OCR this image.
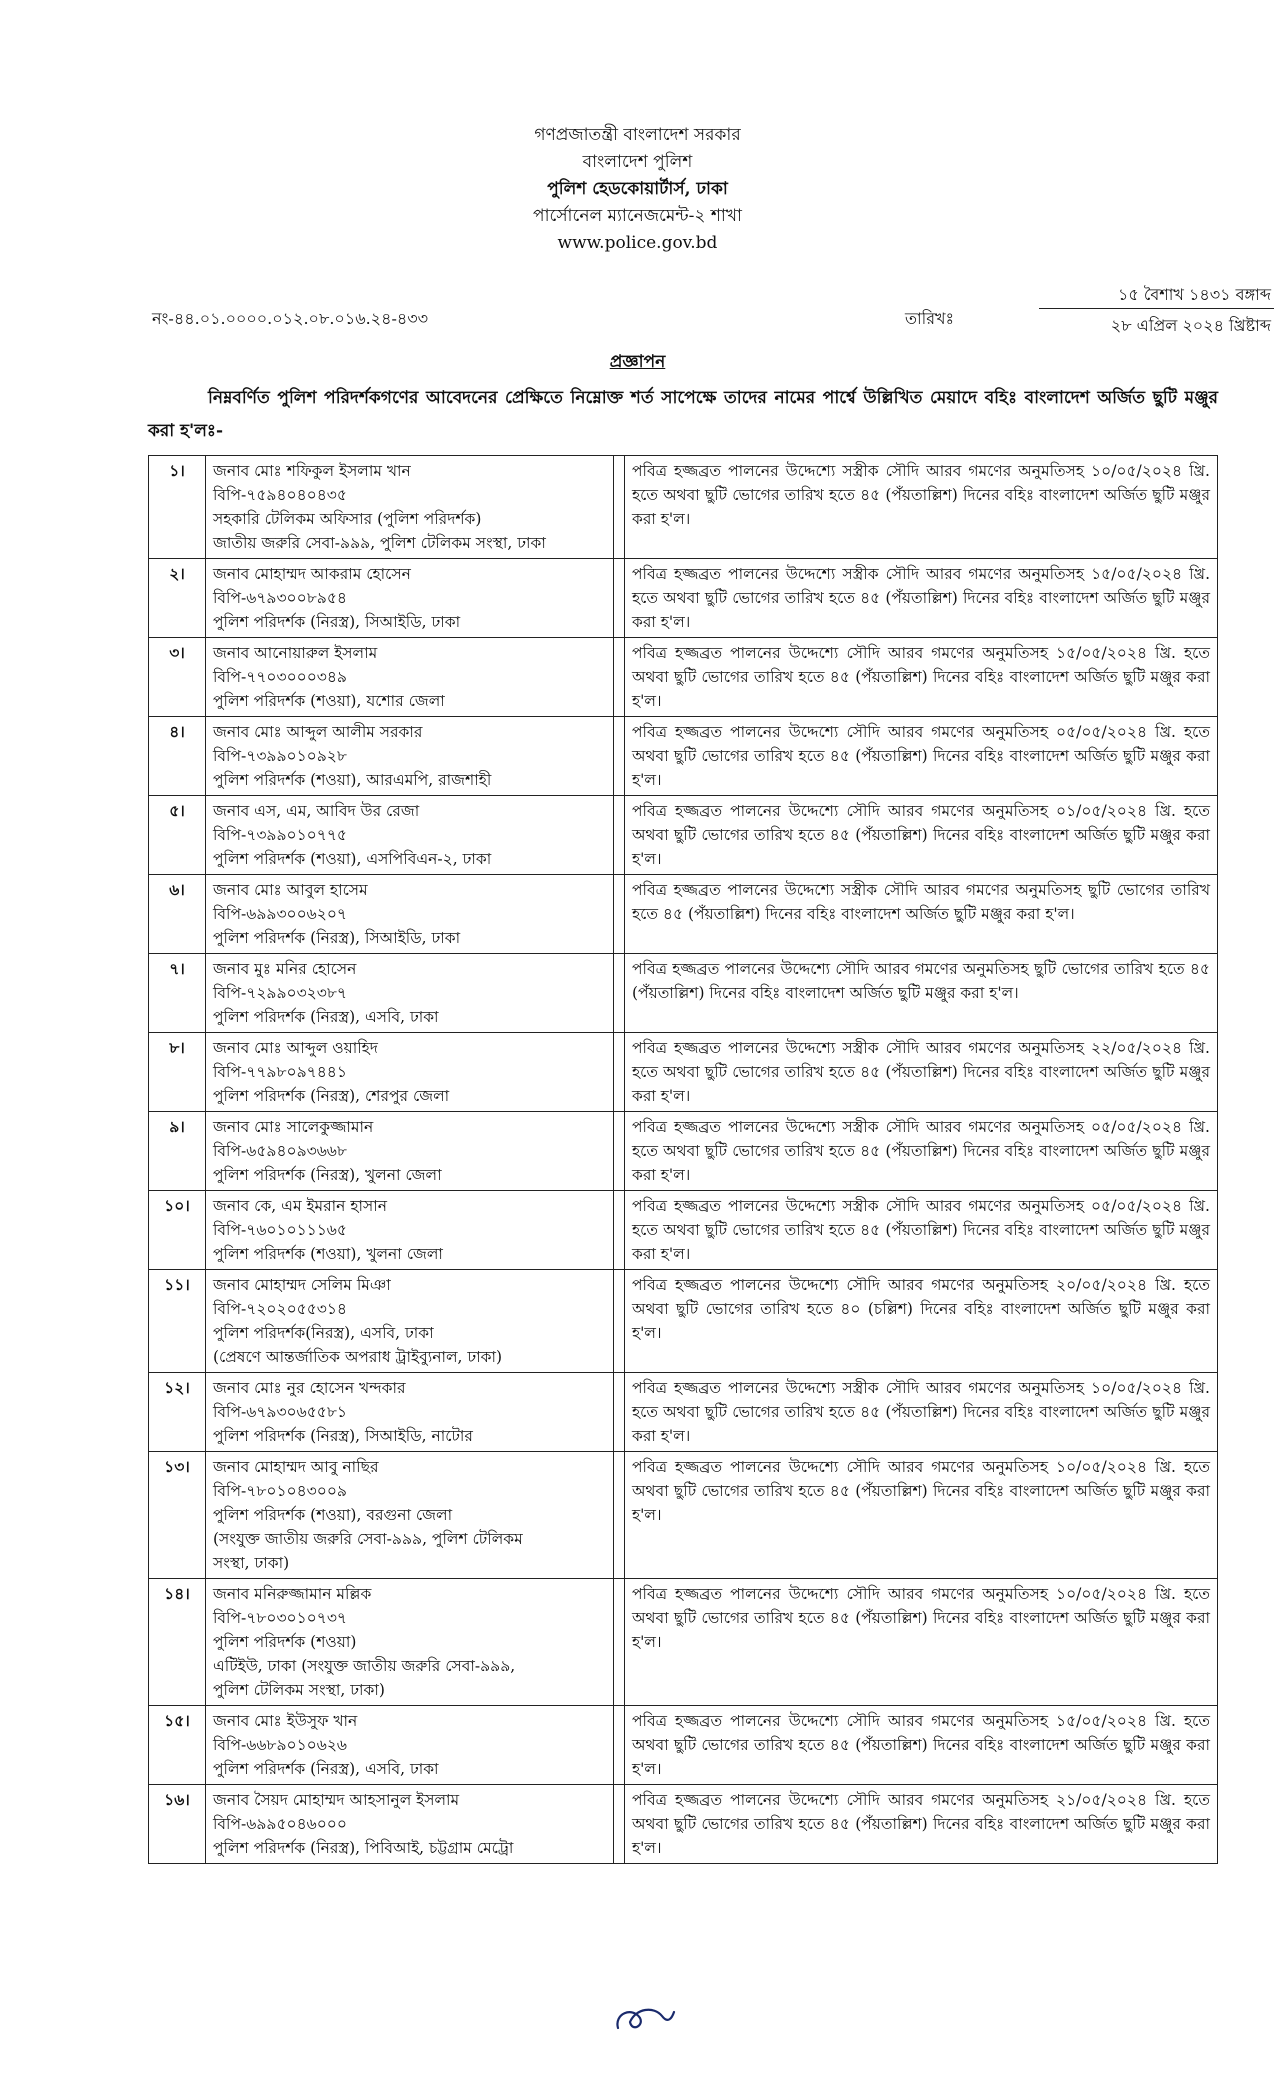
গণপ্রজাতন্ত্রী বাংলাদেশ সরকার
বাংলাদেশ পুলিশ
পুলিশ হেডকোয়ার্টার্স, ঢাকা
পার্সোনেল ম্যানেজমেন্ট-২ শাখা
www.police.gov.bd
নং-৪৪.০১.০০০০.০১২.০৮.০১৬.২৪-৪৩৩	তারিখঃ
১৫ বৈশাখ ১৪৩১ বঙ্গাব্দ
২৮ এপ্রিল ২০২৪ খ্রিষ্টাব্দ
প্রজ্ঞাপন
নিম্নবর্ণিত পুলিশ পরিদর্শকগণের আবেদনের প্রেক্ষিতে নিম্নোক্ত শর্ত সাপেক্ষে তাদের নামের পার্শ্বে উল্লিখিত মেয়াদে বহিঃ বাংলাদেশ অর্জিত ছুটি মঞ্জুর করা হ'লঃ-
১।	জনাব মোঃ শফিকুল ইসলাম খান
বিপি-৭৫৯৪০৪০৪৩৫
সহকারি টেলিকম অফিসার (পুলিশ পরিদর্শক)
জাতীয় জরুরি সেবা-৯৯৯, পুলিশ টেলিকম সংস্থা, ঢাকা		পবিত্র হজ্জব্রত পালনের উদ্দেশ্যে সস্ত্রীক সৌদি আরব গমণের অনুমতিসহ ১০/০৫/২০২৪ খ্রি. হতে অথবা ছুটি ভোগের তারিখ হতে ৪৫ (পঁয়তাল্লিশ) দিনের বহিঃ বাংলাদেশ অর্জিত ছুটি মঞ্জুর করা হ'ল।
২।	জনাব মোহাম্মদ আকরাম হোসেন
বিপি-৬৭৯৩০০৮৯৫৪
পুলিশ পরিদর্শক (নিরস্ত্র), সিআইডি, ঢাকা		পবিত্র হজ্জব্রত পালনের উদ্দেশ্যে সস্ত্রীক সৌদি আরব গমণের অনুমতিসহ ১৫/০৫/২০২৪ খ্রি. হতে অথবা ছুটি ভোগের তারিখ হতে ৪৫ (পঁয়তাল্লিশ) দিনের বহিঃ বাংলাদেশ অর্জিত ছুটি মঞ্জুর করা হ'ল।
৩।	জনাব আনোয়ারুল ইসলাম
বিপি-৭৭০৩০০০৩৪৯
পুলিশ পরিদর্শক (শওয়া), যশোর জেলা		পবিত্র হজ্জব্রত পালনের উদ্দেশ্যে সৌদি আরব গমণের অনুমতিসহ ১৫/০৫/২০২৪ খ্রি. হতে অথবা ছুটি ভোগের তারিখ হতে ৪৫ (পঁয়তাল্লিশ) দিনের বহিঃ বাংলাদেশ অর্জিত ছুটি মঞ্জুর করা হ'ল।
৪।	জনাব মোঃ আব্দুল আলীম সরকার
বিপি-৭৩৯৯০১০৯২৮
পুলিশ পরিদর্শক (শওয়া), আরএমপি, রাজশাহী		পবিত্র হজ্জব্রত পালনের উদ্দেশ্যে সৌদি আরব গমণের অনুমতিসহ ০৫/০৫/২০২৪ খ্রি. হতে অথবা ছুটি ভোগের তারিখ হতে ৪৫ (পঁয়তাল্লিশ) দিনের বহিঃ বাংলাদেশ অর্জিত ছুটি মঞ্জুর করা হ'ল।
৫।	জনাব এস, এম, আবিদ উর রেজা
বিপি-৭৩৯৯০১০৭৭৫
পুলিশ পরিদর্শক (শওয়া), এসপিবিএন-২, ঢাকা		পবিত্র হজ্জব্রত পালনের উদ্দেশ্যে সৌদি আরব গমণের অনুমতিসহ ০১/০৫/২০২৪ খ্রি. হতে অথবা ছুটি ভোগের তারিখ হতে ৪৫ (পঁয়তাল্লিশ) দিনের বহিঃ বাংলাদেশ অর্জিত ছুটি মঞ্জুর করা হ'ল।
৬।	জনাব মোঃ আবুল হাসেম
বিপি-৬৯৯৩০০৬২০৭
পুলিশ পরিদর্শক (নিরস্ত্র), সিআইডি, ঢাকা		পবিত্র হজ্জব্রত পালনের উদ্দেশ্যে সস্ত্রীক সৌদি আরব গমণের অনুমতিসহ ছুটি ভোগের তারিখ হতে ৪৫ (পঁয়তাল্লিশ) দিনের বহিঃ বাংলাদেশ অর্জিত ছুটি মঞ্জুর করা হ'ল।
৭।	জনাব মুঃ মনির হোসেন
বিপি-৭২৯৯০৩২৩৮৭
পুলিশ পরিদর্শক (নিরস্ত্র), এসবি, ঢাকা		পবিত্র হজ্জব্রত পালনের উদ্দেশ্যে সৌদি আরব গমণের অনুমতিসহ ছুটি ভোগের তারিখ হতে ৪৫ (পঁয়তাল্লিশ) দিনের বহিঃ বাংলাদেশ অর্জিত ছুটি মঞ্জুর করা হ'ল।
৮।	জনাব মোঃ আব্দুল ওয়াহিদ
বিপি-৭৭৯৮০৯৭৪৪১
পুলিশ পরিদর্শক (নিরস্ত্র), শেরপুর জেলা		পবিত্র হজ্জব্রত পালনের উদ্দেশ্যে সস্ত্রীক সৌদি আরব গমণের অনুমতিসহ ২২/০৫/২০২৪ খ্রি. হতে অথবা ছুটি ভোগের তারিখ হতে ৪৫ (পঁয়তাল্লিশ) দিনের বহিঃ বাংলাদেশ অর্জিত ছুটি মঞ্জুর করা হ'ল।
৯।	জনাব মোঃ সালেকুজ্জামান
বিপি-৬৫৯৪০৯৩৬৬৮
পুলিশ পরিদর্শক (নিরস্ত্র), খুলনা জেলা		পবিত্র হজ্জব্রত পালনের উদ্দেশ্যে সস্ত্রীক সৌদি আরব গমণের অনুমতিসহ ০৫/০৫/২০২৪ খ্রি. হতে অথবা ছুটি ভোগের তারিখ হতে ৪৫ (পঁয়তাল্লিশ) দিনের বহিঃ বাংলাদেশ অর্জিত ছুটি মঞ্জুর করা হ'ল।
১০।	জনাব কে, এম ইমরান হাসান
বিপি-৭৬০১০১১১৬৫
পুলিশ পরিদর্শক (শওয়া), খুলনা জেলা		পবিত্র হজ্জব্রত পালনের উদ্দেশ্যে সস্ত্রীক সৌদি আরব গমণের অনুমতিসহ ০৫/০৫/২০২৪ খ্রি. হতে অথবা ছুটি ভোগের তারিখ হতে ৪৫ (পঁয়তাল্লিশ) দিনের বহিঃ বাংলাদেশ অর্জিত ছুটি মঞ্জুর করা হ'ল।
১১।	জনাব মোহাম্মদ সেলিম মিঞা
বিপি-৭২০২০৫৫৩১৪
পুলিশ পরিদর্শক(নিরস্ত্র), এসবি, ঢাকা
(প্রেষণে আন্তর্জাতিক অপরাধ ট্রাইব্যুনাল, ঢাকা)		পবিত্র হজ্জব্রত পালনের উদ্দেশ্যে সৌদি আরব গমণের অনুমতিসহ ২০/০৫/২০২৪ খ্রি. হতে অথবা ছুটি ভোগের তারিখ হতে ৪০ (চল্লিশ) দিনের বহিঃ বাংলাদেশ অর্জিত ছুটি মঞ্জুর করা হ'ল।
১২।	জনাব মোঃ নুর হোসেন খন্দকার
বিপি-৬৭৯৩০৬৫৫৮১
পুলিশ পরিদর্শক (নিরস্ত্র), সিআইডি, নাটোর		পবিত্র হজ্জব্রত পালনের উদ্দেশ্যে সস্ত্রীক সৌদি আরব গমণের অনুমতিসহ ১০/০৫/২০২৪ খ্রি. হতে অথবা ছুটি ভোগের তারিখ হতে ৪৫ (পঁয়তাল্লিশ) দিনের বহিঃ বাংলাদেশ অর্জিত ছুটি মঞ্জুর করা হ'ল।
১৩।	জনাব মোহাম্মদ আবু নাছির
বিপি-৭৮০১০৪৩০০৯
পুলিশ পরিদর্শক (শওয়া), বরগুনা জেলা
(সংযুক্ত জাতীয় জরুরি সেবা-৯৯৯, পুলিশ টেলিকম
সংস্থা, ঢাকা)		পবিত্র হজ্জব্রত পালনের উদ্দেশ্যে সৌদি আরব গমণের অনুমতিসহ ১০/০৫/২০২৪ খ্রি. হতে অথবা ছুটি ভোগের তারিখ হতে ৪৫ (পঁয়তাল্লিশ) দিনের বহিঃ বাংলাদেশ অর্জিত ছুটি মঞ্জুর করা হ'ল।
১৪।	জনাব মনিরুজ্জামান মল্লিক
বিপি-৭৮০৩০১০৭৩৭
পুলিশ পরিদর্শক (শওয়া)
এটিইউ, ঢাকা (সংযুক্ত জাতীয় জরুরি সেবা-৯৯৯,
পুলিশ টেলিকম সংস্থা, ঢাকা)		পবিত্র হজ্জব্রত পালনের উদ্দেশ্যে সৌদি আরব গমণের অনুমতিসহ ১০/০৫/২০২৪ খ্রি. হতে অথবা ছুটি ভোগের তারিখ হতে ৪৫ (পঁয়তাল্লিশ) দিনের বহিঃ বাংলাদেশ অর্জিত ছুটি মঞ্জুর করা হ'ল।
১৫।	জনাব মোঃ ইউসুফ খান
বিপি-৬৬৮৯০১০৬২৬
পুলিশ পরিদর্শক (নিরস্ত্র), এসবি, ঢাকা		পবিত্র হজ্জব্রত পালনের উদ্দেশ্যে সৌদি আরব গমণের অনুমতিসহ ১৫/০৫/২০২৪ খ্রি. হতে অথবা ছুটি ভোগের তারিখ হতে ৪৫ (পঁয়তাল্লিশ) দিনের বহিঃ বাংলাদেশ অর্জিত ছুটি মঞ্জুর করা হ'ল।
১৬।	জনাব সৈয়দ মোহাম্মদ আহসানুল ইসলাম
বিপি-৬৯৯৫০৪৬০০০
পুলিশ পরিদর্শক (নিরস্ত্র), পিবিআই, চট্টগ্রাম মেট্রো		পবিত্র হজ্জব্রত পালনের উদ্দেশ্যে সৌদি আরব গমণের অনুমতিসহ ২১/০৫/২০২৪ খ্রি. হতে অথবা ছুটি ভোগের তারিখ হতে ৪৫ (পঁয়তাল্লিশ) দিনের বহিঃ বাংলাদেশ অর্জিত ছুটি মঞ্জুর করা হ'ল।
